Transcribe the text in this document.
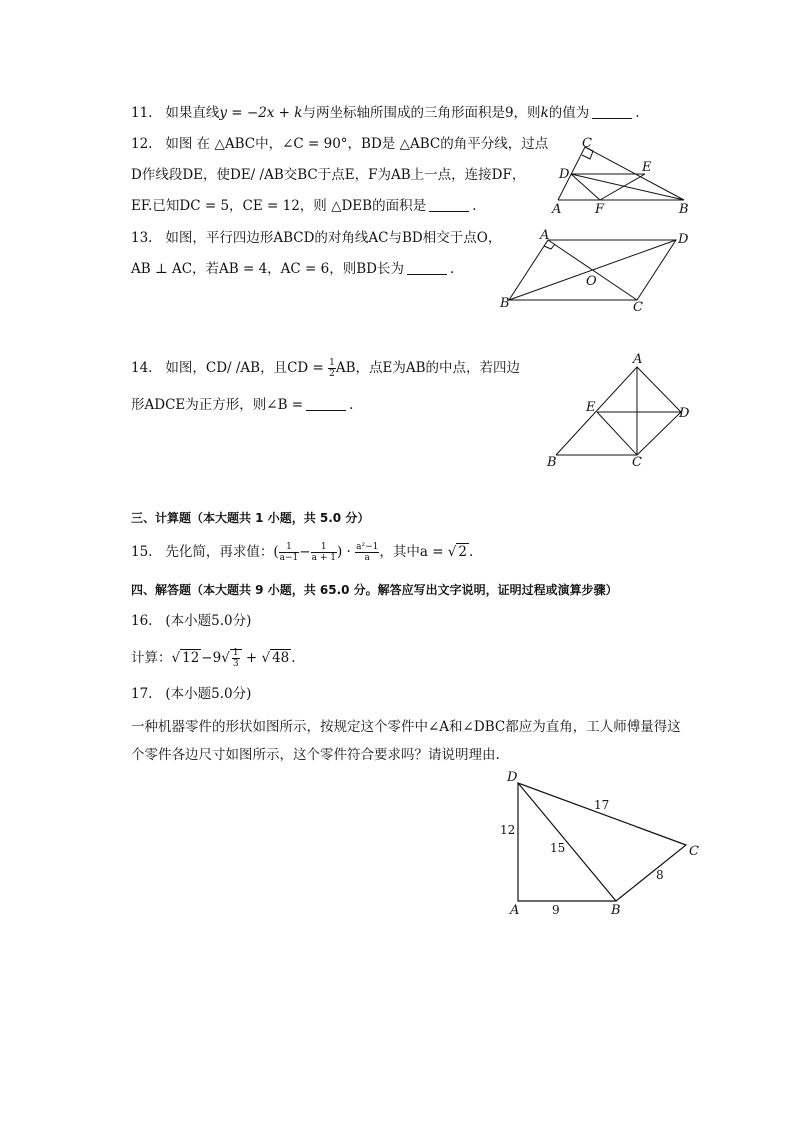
11. 如果直线y = −2x + k与两坐标轴所围成的三角形面积是9，则k的值为	.
12. 如图 在 △ABC中，∠C = 90°，BD是 △ABC的角平分线，过点
D作线段DE，使DE/ /AB交BC于点E，F为AB上一点，连接DF，
EF.已知DC = 5，CE = 12，则 △DEB的面积是	.
C
D	E
A	F	B
13. 如图，平行四边形ABCD的对角线AC与BD相交于点O，
AB ⊥ AC，若AB = 4，AC = 6，则BD长为	.
A	D
O
B	C
14. 如图，CD/ /AB，且CD = $\frac{1}{2}$ AB，点E为AB的中点，若四边
形ADCE为正方形，则∠B =	.
A
E	D
B	C
三、计算题（本大题共 1 小题，共 5.0 分）
15. 先化简，再求值：( $\frac{1}{a-1} - \frac{1}{a + 1}$ ) · $\frac{\text{a²−1}}{a}$ ，其中a = √ 2 .
四、解答题（本大题共 9 小题，共 65.0 分。解答应写出文字说明，证明过程或演算步骤）
16. (本小题5.0分)
计算：√ $12 -9√ \frac{1}{3}$ + √ 48 .
17. (本小题5.0分)
一种机器零件的形状如图所示，按规定这个零件中∠A和∠DBC都应为直角，工人师傅量得这
个零件各边尺寸如图所示，这个零件符合要求吗？请说明理由.
D
C
A	B
12
17
15
8
9
